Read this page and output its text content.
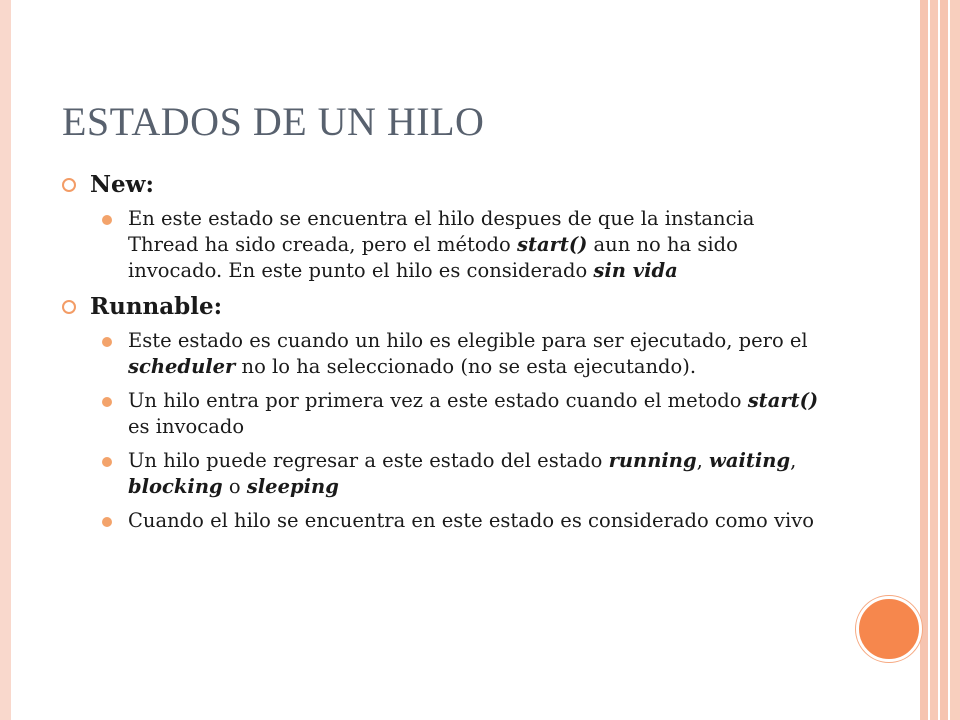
ESTADOS DE UN HILO
New:
En este estado se encuentra el hilo despues de que la instancia Thread ha sido creada, pero el método start() aun no ha sido invocado. En este punto el hilo es considerado sin vida
Runnable:
Este estado es cuando un hilo es elegible para ser ejecutado, pero el scheduler no lo ha seleccionado (no se esta ejecutando).
Un hilo entra por primera vez a este estado cuando el metodo start() es invocado
Un hilo puede regresar a este estado del estado running, waiting, blocking o sleeping
Cuando el hilo se encuentra en este estado es considerado como vivo
